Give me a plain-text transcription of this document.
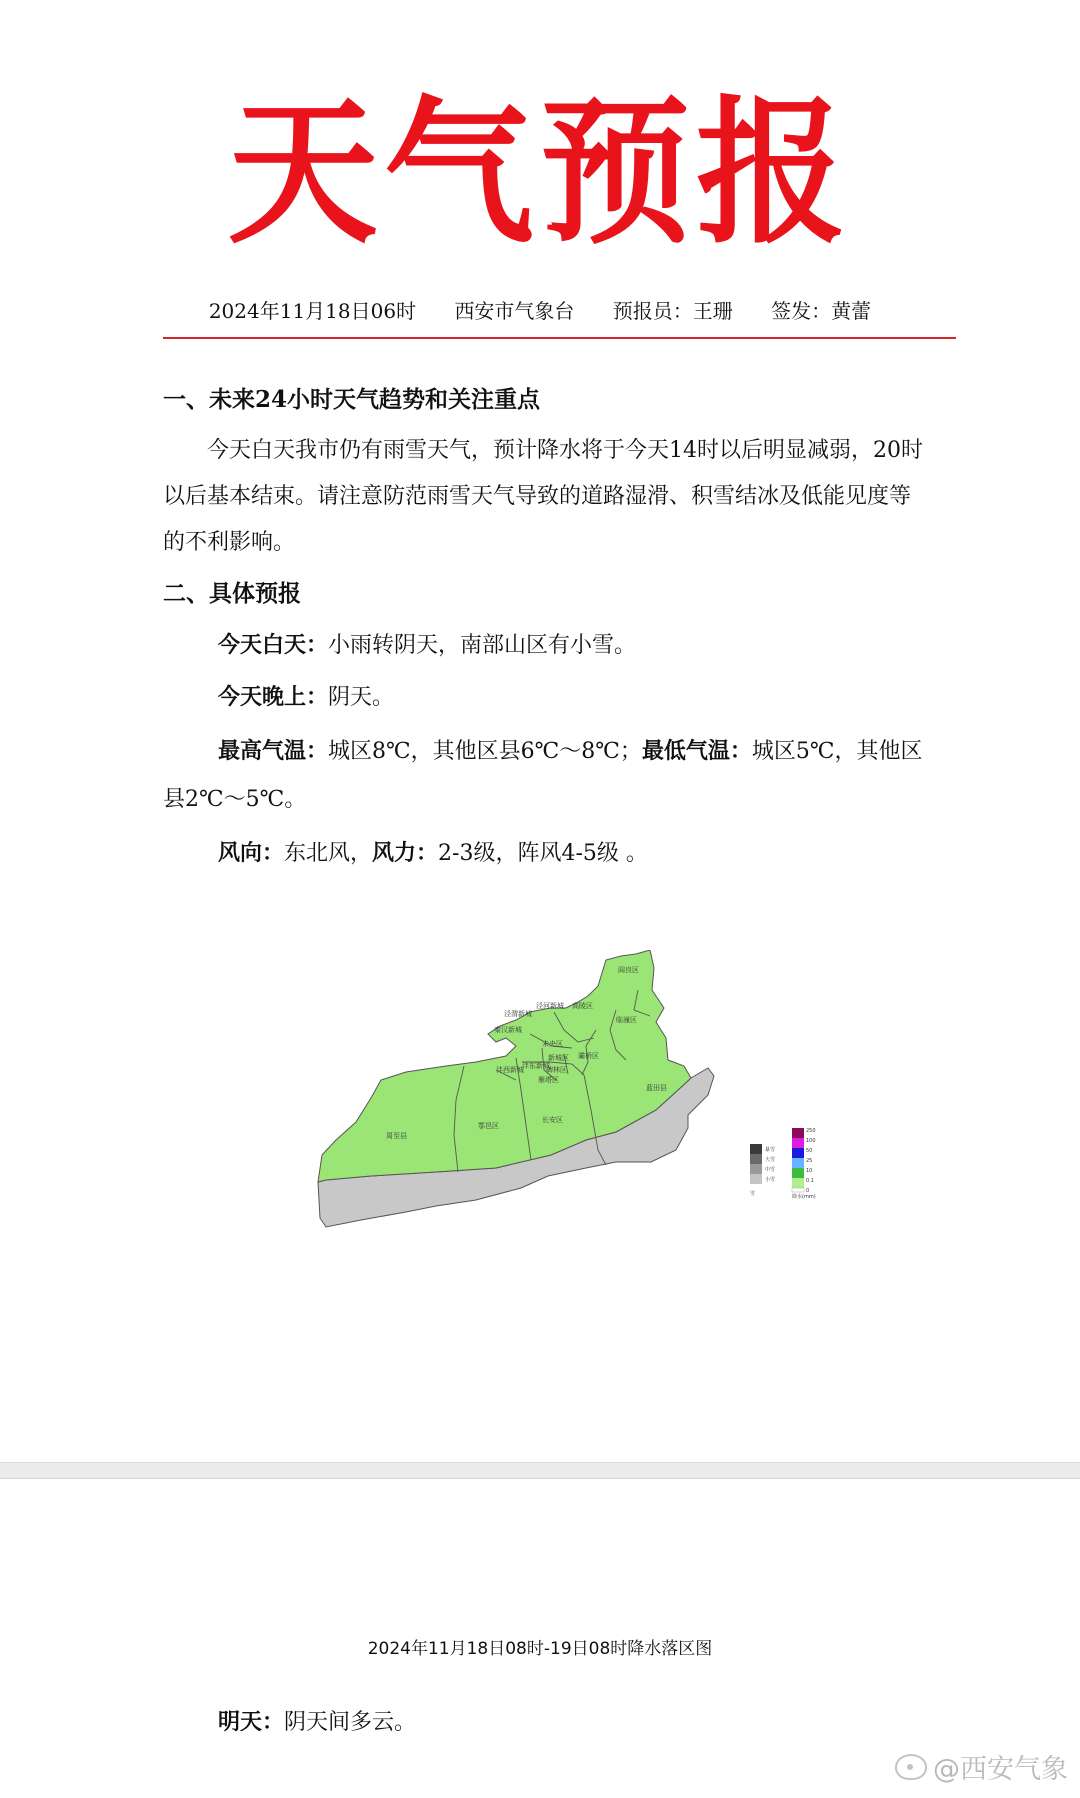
天气预报
2024年11月18日06时 西安市气象台 预报员：王珊 签发：黄蕾
一、未来24小时天气趋势和关注重点

今天白天我市仍有雨雪天气，预计降水将于今天14时以后明显减弱，20时以后基本结束。请注意防范雨雪天气导致的道路湿滑、积雪结冰及低能见度等的不利影响。

二、具体预报
今天白天：小雨转阴天，南部山区有小雪。
今天晚上：阴天。
最高气温：城区8℃，其他区县6℃～8℃；最低气温：城区5℃，其他区县2℃～5℃。
风向：东北风，风力：2-3级，阵风4-5级 。
阎良区
临潼区
高陵区
泾河新城
泾渭新城
秦汉新城
未央区
灞桥区
沣西新城
沣东新城
新城区
碑林区
雁塔区
周至县
鄠邑区
长安区
蓝田县
暴雪
大雪
中雪
小雪
雪
250
100
50
25
10
0.1
0
降水(mm)
2024年11月18日08时-19日08时降水落区图
明天：阴天间多云。
@西安气象
